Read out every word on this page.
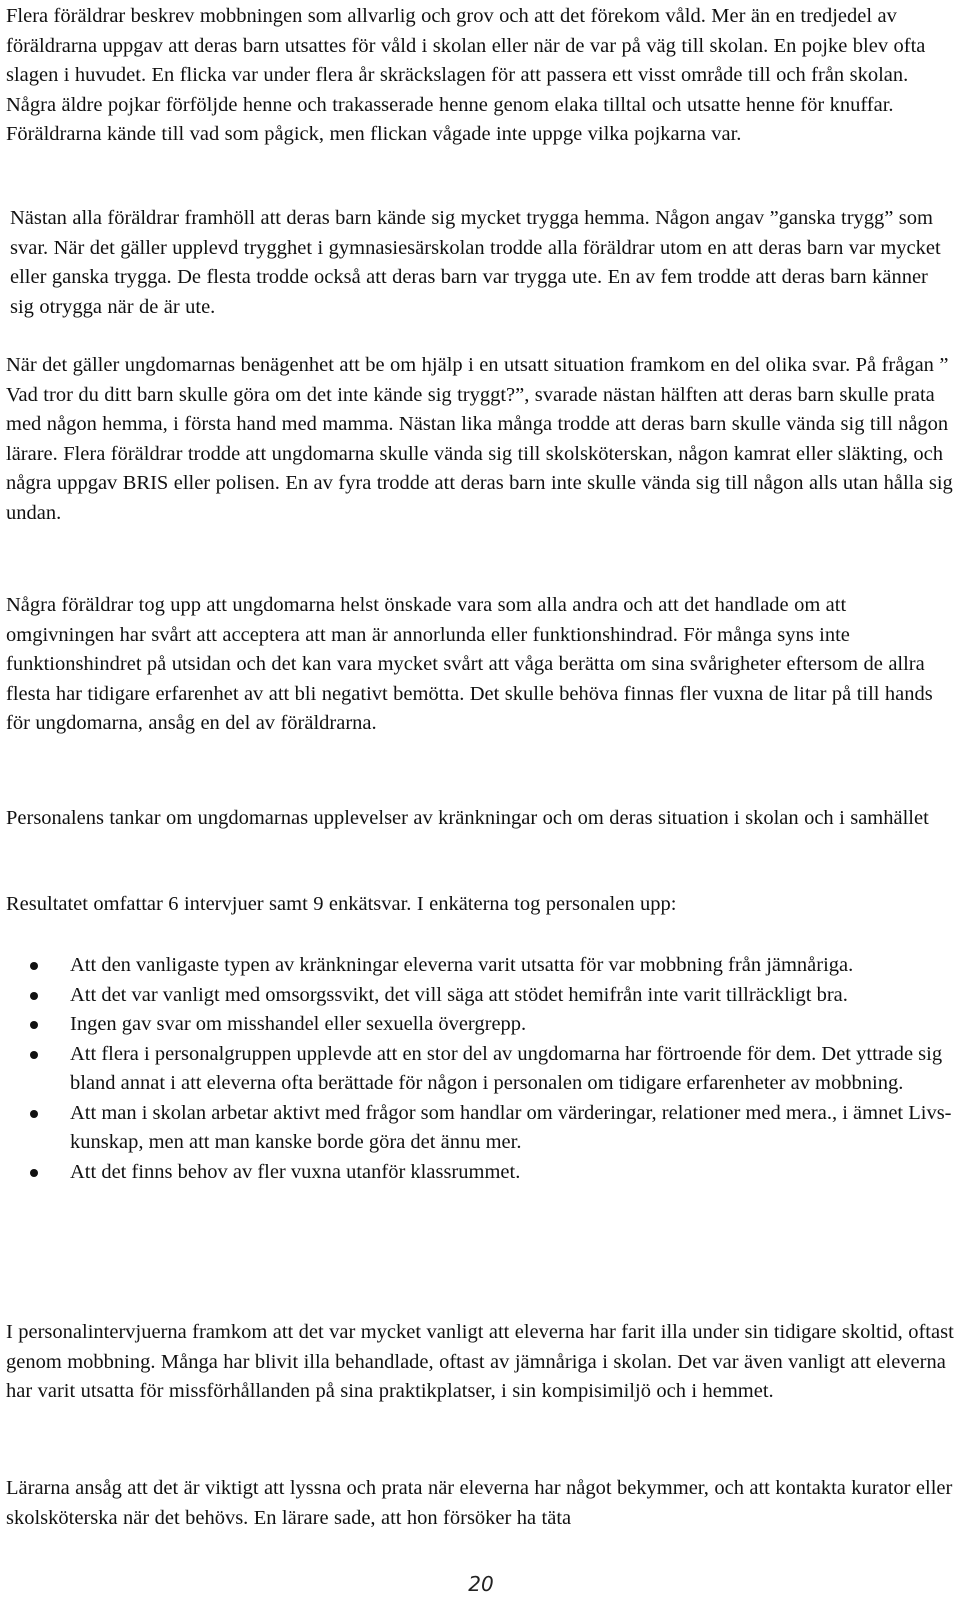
Flera föräldrar beskrev mobbningen som allvarlig och grov och att det förekom våld. Mer än en tredjedel av föräldrarna uppgav att deras barn utsattes för våld i skolan eller när de var på väg till skolan. En pojke blev ofta slagen i huvudet. En flicka var under flera år skräckslagen för att passera ett visst område till och från skolan. Några äldre pojkar förföljde henne och trakasserade henne genom elaka tilltal och utsatte henne för knuffar. Föräldrarna kände till vad som pågick, men flickan vågade inte uppge vilka pojkarna var.

Nästan alla föräldrar framhöll att deras barn kände sig mycket trygga hemma. Någon angav ”ganska trygg” som svar. När det gäller upplevd trygghet i gymnasiesärskolan trodde alla föräldrar utom en att deras barn var mycket eller ganska trygga. De flesta trodde också att deras barn var trygga ute. En av fem trodde att deras barn känner sig otrygga när de är ute.

När det gäller ungdomarnas benägenhet att be om hjälp i en utsatt situation framkom en del olika svar. På frågan ” Vad tror du ditt barn skulle göra om det inte kände sig tryggt?”, svarade nästan hälften att deras barn skulle prata med någon hemma, i första hand med mamma. Nästan lika många trodde att deras barn skulle vända sig till någon lärare. Flera föräldrar trodde att ungdomarna skulle vända sig till skolsköterskan, någon kamrat eller släkting, och några uppgav BRIS eller polisen. En av fyra trodde att deras barn inte skulle vända sig till någon alls utan hålla sig undan.

Några föräldrar tog upp att ungdomarna helst önskade vara som alla andra och att det handlade om att omgivningen har svårt att acceptera att man är annorlunda eller funktionshindrad. För många syns inte funktionshindret på utsidan och det kan vara mycket svårt att våga berätta om sina svårigheter eftersom de allra flesta har tidigare erfarenhet av att bli negativt bemötta. Det skulle behöva finnas fler vuxna de litar på till hands för ungdomarna, ansåg en del av föräldrarna.

Personalens tankar om ungdomarnas upplevelser av kränkningar och om deras situation i skolan och i samhället

Resultatet omfattar 6 intervjuer samt 9 enkätsvar. I enkäterna tog personalen upp:

Att den vanligaste typen av kränkningar eleverna varit utsatta för var mobbning från jämnåriga.
Att det var vanligt med omsorgssvikt, det vill säga att stödet hemifrån inte varit tillräckligt bra.
Ingen gav svar om misshandel eller sexuella övergrepp.
Att flera i personalgruppen upplevde att en stor del av ungdomarna har förtroende för dem. Det yttrade sig bland annat i att eleverna ofta berättade för någon i personalen om tidigare erfarenheter av mobbning.
Att man i skolan arbetar aktivt med frågor som handlar om värderingar, relationer med mera., i ämnet Livs-kunskap, men att man kanske borde göra det ännu mer.
Att det finns behov av fler vuxna utanför klassrummet.

I personalintervjuerna framkom att det var mycket vanligt att eleverna har farit illa under sin tidigare skoltid, oftast genom mobbning. Många har blivit illa behandlade, oftast av jämnåriga i skolan. Det var även vanligt att eleverna har varit utsatta för missförhållanden på sina praktikplatser, i sin kompisimiljö och i hemmet.

Lärarna ansåg att det är viktigt att lyssna och prata när eleverna har något bekymmer, och att kontakta kurator eller skolsköterska när det behövs. En lärare sade, att hon försöker ha täta

20
